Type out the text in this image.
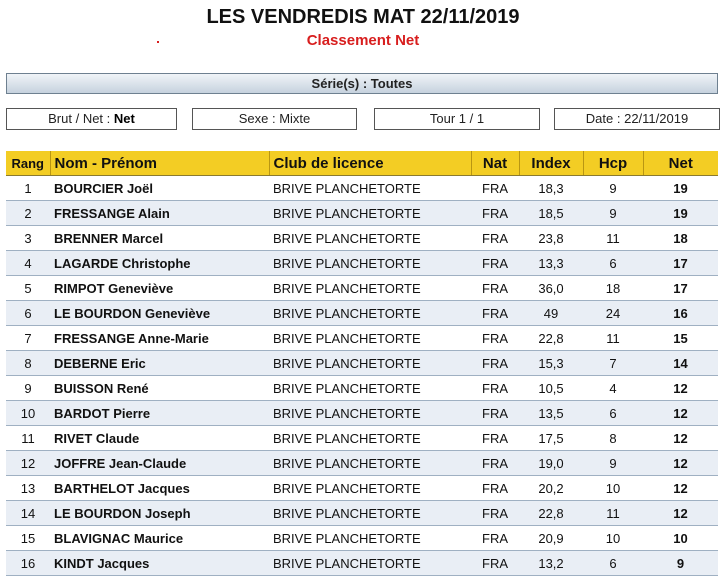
LES VENDREDIS MAT 22/11/2019
Classement Net
Série(s) : Toutes
Brut / Net : Net	Sexe : Mixte	Tour 1 / 1	Date : 22/11/2019
Rang	Nom - Prénom	Club de licence	Nat	Index	Hcp	Net
1	BOURCIER Joël	BRIVE PLANCHETORTE	FRA	18,3	9	19
2	FRESSANGE Alain	BRIVE PLANCHETORTE	FRA	18,5	9	19
3	BRENNER Marcel	BRIVE PLANCHETORTE	FRA	23,8	11	18
4	LAGARDE Christophe	BRIVE PLANCHETORTE	FRA	13,3	6	17
5	RIMPOT Geneviève	BRIVE PLANCHETORTE	FRA	36,0	18	17
6	LE BOURDON Geneviève	BRIVE PLANCHETORTE	FRA	49	24	16
7	FRESSANGE Anne-Marie	BRIVE PLANCHETORTE	FRA	22,8	11	15
8	DEBERNE Eric	BRIVE PLANCHETORTE	FRA	15,3	7	14
9	BUISSON René	BRIVE PLANCHETORTE	FRA	10,5	4	12
10	BARDOT Pierre	BRIVE PLANCHETORTE	FRA	13,5	6	12
11	RIVET Claude	BRIVE PLANCHETORTE	FRA	17,5	8	12
12	JOFFRE Jean-Claude	BRIVE PLANCHETORTE	FRA	19,0	9	12
13	BARTHELOT Jacques	BRIVE PLANCHETORTE	FRA	20,2	10	12
14	LE BOURDON Joseph	BRIVE PLANCHETORTE	FRA	22,8	11	12
15	BLAVIGNAC Maurice	BRIVE PLANCHETORTE	FRA	20,9	10	10
16	KINDT Jacques	BRIVE PLANCHETORTE	FRA	13,2	6	9
